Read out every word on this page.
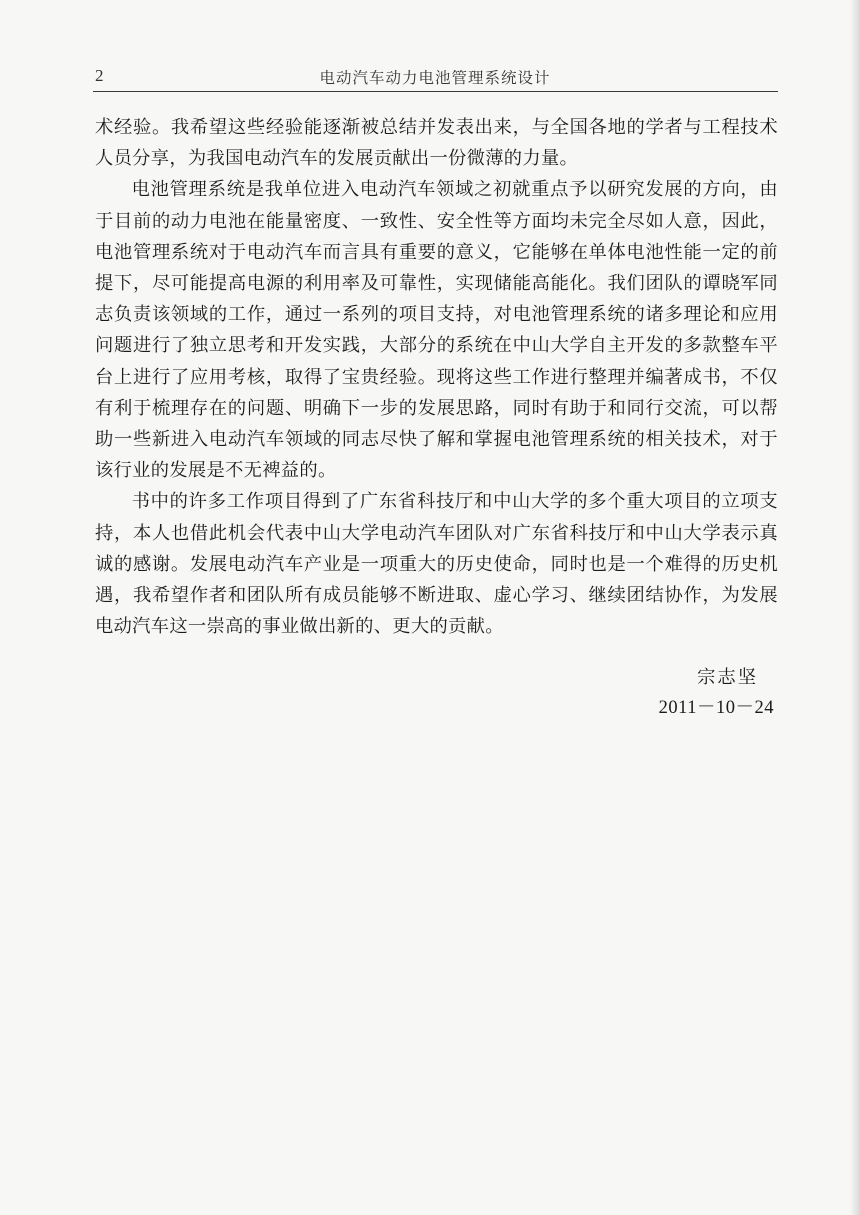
2	电动汽车动力电池管理系统设计

术经验。我希望这些经验能逐渐被总结并发表出来，与全国各地的学者与工程技术人员分享，为我国电动汽车的发展贡献出一份微薄的力量。

电池管理系统是我单位进入电动汽车领域之初就重点予以研究发展的方向，由于目前的动力电池在能量密度、一致性、安全性等方面均未完全尽如人意，因此，电池管理系统对于电动汽车而言具有重要的意义，它能够在单体电池性能一定的前提下，尽可能提高电源的利用率及可靠性，实现储能高能化。我们团队的谭晓军同志负责该领域的工作，通过一系列的项目支持，对电池管理系统的诸多理论和应用问题进行了独立思考和开发实践，大部分的系统在中山大学自主开发的多款整车平台上进行了应用考核，取得了宝贵经验。现将这些工作进行整理并编著成书，不仅有利于梳理存在的问题、明确下一步的发展思路，同时有助于和同行交流，可以帮助一些新进入电动汽车领域的同志尽快了解和掌握电池管理系统的相关技术，对于该行业的发展是不无裨益的。

书中的许多工作项目得到了广东省科技厅和中山大学的多个重大项目的立项支持，本人也借此机会代表中山大学电动汽车团队对广东省科技厅和中山大学表示真诚的感谢。发展电动汽车产业是一项重大的历史使命，同时也是一个难得的历史机遇，我希望作者和团队所有成员能够不断进取、虚心学习、继续团结协作，为发展电动汽车这一崇高的事业做出新的、更大的贡献。

宗志坚
2011－10－24
